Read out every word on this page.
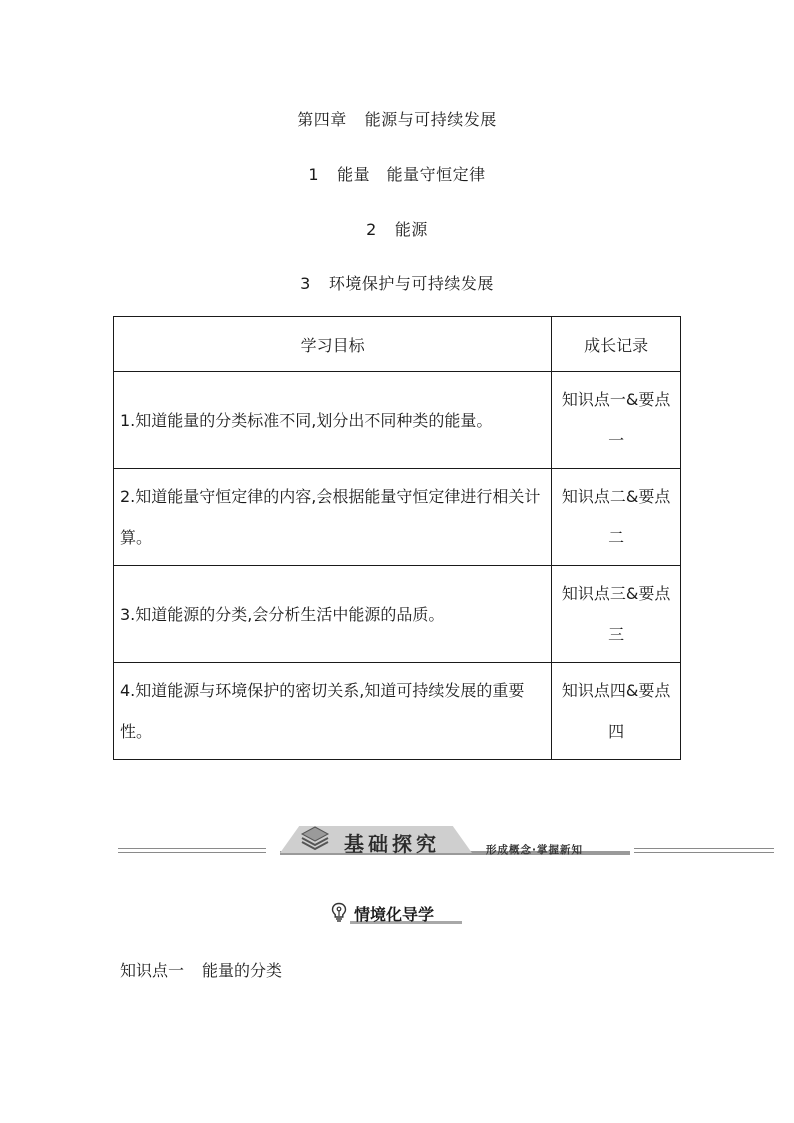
第四章 能源与可持续发展
1 能量　能量守恒定律
2 能源
3 环境保护与可持续发展
学习目标	成长记录
1.知道能量的分类标准不同,划分出不同种类的能量。	知识点一&要点一
2.知道能量守恒定律的内容,会根据能量守恒定律进行相关计算。	知识点二&要点二
3.知道能源的分类,会分析生活中能源的品质。	知识点三&要点三
4.知道能源与环境保护的密切关系,知道可持续发展的重要性。	知识点四&要点四
基础探究	形成概念·掌握新知
情境化导学
知识点一 能量的分类
